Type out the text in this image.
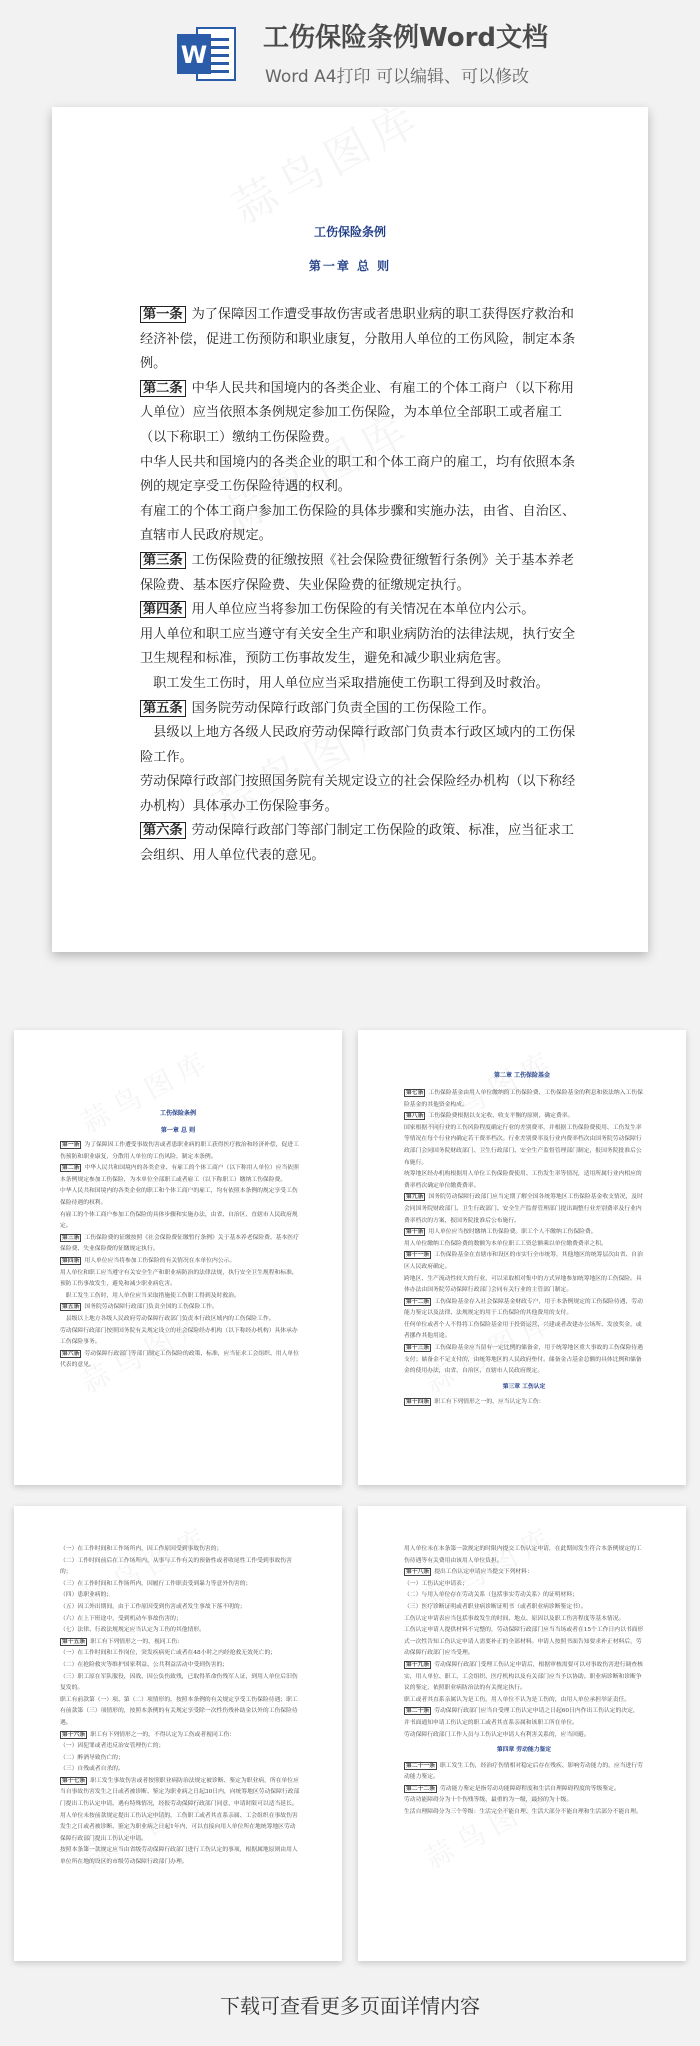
W
工伤保险条例Word文档
Word A4打印 可以编辑、可以修改
工伤保险条例
第一章 总 则

第一条 为了保障因工作遭受事故伤害或者患职业病的职工获得医疗救治和经济补偿，促进工伤预防和职业康复，分散用人单位的工伤风险，制定本条例。

第二条 中华人民共和国境内的各类企业、有雇工的个体工商户（以下称用人单位）应当依照本条例规定参加工伤保险，为本单位全部职工或者雇工（以下称职工）缴纳工伤保险费。

中华人民共和国境内的各类企业的职工和个体工商户的雇工，均有依照本条例的规定享受工伤保险待遇的权利。

有雇工的个体工商户参加工伤保险的具体步骤和实施办法，由省、自治区、直辖市人民政府规定。

第三条 工伤保险费的征缴按照《社会保险费征缴暂行条例》关于基本养老保险费、基本医疗保险费、失业保险费的征缴规定执行。

第四条 用人单位应当将参加工伤保险的有关情况在本单位内公示。

用人单位和职工应当遵守有关安全生产和职业病防治的法律法规，执行安全卫生规程和标准，预防工伤事故发生，避免和减少职业病危害。

　职工发生工伤时，用人单位应当采取措施使工伤职工得到及时救治。

第五条 国务院劳动保障行政部门负责全国的工伤保险工作。

　县级以上地方各级人民政府劳动保障行政部门负责本行政区域内的工伤保险工作。

劳动保障行政部门按照国务院有关规定设立的社会保险经办机构（以下称经办机构）具体承办工伤保险事务。

第六条 劳动保障行政部门等部门制定工伤保险的政策、标准，应当征求工会组织、用人单位代表的意见。

工伤保险条例
第一章 总 则

第一条 为了保障因工作遭受事故伤害或者患职业病的职工获得医疗救治和经济补偿，促进工伤预防和职业康复，分散用人单位的工伤风险，制定本条例。

第二条 中华人民共和国境内的各类企业、有雇工的个体工商户（以下称用人单位）应当依照本条例规定参加工伤保险，为本单位全部职工或者雇工（以下称职工）缴纳工伤保险费。

中华人民共和国境内的各类企业的职工和个体工商户的雇工，均有依照本条例的规定享受工伤保险待遇的权利。

有雇工的个体工商户参加工伤保险的具体步骤和实施办法，由省、自治区、直辖市人民政府规定。

第三条 工伤保险费的征缴按照《社会保险费征缴暂行条例》关于基本养老保险费、基本医疗保险费、失业保险费的征缴规定执行。

第四条 用人单位应当将参加工伤保险的有关情况在本单位内公示。

用人单位和职工应当遵守有关安全生产和职业病防治的法律法规，执行安全卫生规程和标准，预防工伤事故发生，避免和减少职业病危害。

　职工发生工伤时，用人单位应当采取措施使工伤职工得到及时救治。

第五条 国务院劳动保障行政部门负责全国的工伤保险工作。

　县级以上地方各级人民政府劳动保障行政部门负责本行政区域内的工伤保险工作。

劳动保障行政部门按照国务院有关规定设立的社会保险经办机构（以下称经办机构）具体承办工伤保险事务。

第六条 劳动保障行政部门等部门制定工伤保险的政策、标准，应当征求工会组织、用人单位代表的意见。

第二章 工伤保险基金

第七条 工伤保险基金由用人单位缴纳的工伤保险费、工伤保险基金的利息和依法纳入工伤保险基金的其他资金构成。

第八条 工伤保险费根据以支定收、收支平衡的原则，确定费率。

国家根据不同行业的工伤风险程度确定行业的差别费率，并根据工伤保险费使用、工伤发生率等情况在每个行业内确定若干费率档次。行业差别费率及行业内费率档次由国务院劳动保障行政部门会同国务院财政部门、卫生行政部门、安全生产监督管理部门制定，报国务院批准后公布施行。

统筹地区经办机构根据用人单位工伤保险费使用、工伤发生率等情况，适用所属行业内相应的费率档次确定单位缴费费率。

第九条 国务院劳动保障行政部门应当定期了解全国各统筹地区工伤保险基金收支情况，及时会同国务院财政部门、卫生行政部门、安全生产监督管理部门提出调整行业差别费率及行业内费率档次的方案，报国务院批准后公布施行。

第十条 用人单位应当按时缴纳工伤保险费。职工个人不缴纳工伤保险费。

用人单位缴纳工伤保险费的数额为本单位职工工资总额乘以单位缴费费率之积。

第十一条 工伤保险基金在直辖市和设区的市实行全市统筹，其他地区的统筹层次由省、自治区人民政府确定。

跨地区、生产流动性较大的行业，可以采取相对集中的方式异地参加统筹地区的工伤保险。具体办法由国务院劳动保障行政部门会同有关行业的主管部门制定。

第十二条 工伤保险基金存入社会保障基金财政专户，用于本条例规定的工伤保险待遇，劳动能力鉴定以及法律、法规规定的用于工伤保险的其他费用的支付。

任何单位或者个人不得将工伤保险基金用于投资运营、兴建或者改建办公场所、发放奖金，或者挪作其他用途。

第十三条 工伤保险基金应当留有一定比例的储备金，用于统筹地区重大事故的工伤保险待遇支付；储备金不足支付的，由统筹地区的人民政府垫付。储备金占基金总额的具体比例和储备金的使用办法，由省、自治区、直辖市人民政府规定。

第三章 工伤认定

第十四条 职工有下列情形之一的，应当认定为工伤：

（一）在工作时间和工作场所内，因工作原因受到事故伤害的；

（二）工作时间前后在工作场所内，从事与工作有关的预备性或者收尾性工作受到事故伤害的；

（三）在工作时间和工作场所内，因履行工作职责受到暴力等意外伤害的；

（四）患职业病的；

（五）因工外出期间，由于工作原因受到伤害或者发生事故下落不明的；

（六）在上下班途中，受到机动车事故伤害的；

（七）法律、行政法规规定应当认定为工伤的其他情形。

第十五条 职工有下列情形之一的，视同工伤：

（一）在工作时间和工作岗位，突发疾病死亡或者在48小时之内经抢救无效死亡的；

（二）在抢险救灾等维护国家利益、公共利益活动中受到伤害的；

（三）职工原在军队服役，因战、因公负伤致残，已取得革命伤残军人证，到用人单位后旧伤复发的。

职工有前款第（一）项、第（二）项情形的，按照本条例的有关规定享受工伤保险待遇；职工有前款第（三）项情形的，按照本条例的有关规定享受除一次性伤残补助金以外的工伤保险待遇。

第十六条 职工有下列情形之一的，不得认定为工伤或者视同工伤：

（一）因犯罪或者违反治安管理伤亡的；

（二）醉酒导致伤亡的；

（三）自残或者自杀的。

第十七条 职工发生事故伤害或者按照职业病防治法规定被诊断、鉴定为职业病，所在单位应当自事故伤害发生之日或者被诊断、鉴定为职业病之日起30日内，向统筹地区劳动保障行政部门提出工伤认定申请。遇有特殊情况，经报劳动保障行政部门同意，申请时限可以适当延长。

用人单位未按前款规定提出工伤认定申请的，工伤职工或者其直系亲属、工会组织在事故伤害发生之日或者被诊断、鉴定为职业病之日起1年内，可以直接向用人单位所在地统筹地区劳动保障行政部门提出工伤认定申请。

按照本条第一款规定应当由省级劳动保障行政部门进行工伤认定的事项，根据属地原则由用人单位所在地的设区的市级劳动保障行政部门办理。

用人单位未在本条第一款规定的时限内提交工伤认定申请，在此期间发生符合本条例规定的工伤待遇等有关费用由该用人单位负担。

第十八条 提出工伤认定申请应当提交下列材料：

（一）工伤认定申请表；

（二）与用人单位存在劳动关系（包括事实劳动关系）的证明材料；

（三）医疗诊断证明或者职业病诊断证明书（或者职业病诊断鉴定书）。

工伤认定申请表应当包括事故发生的时间、地点、原因以及职工伤害程度等基本情况。

工伤认定申请人提供材料不完整的，劳动保障行政部门应当当场或者在15个工作日内以书面形式一次性告知工伤认定申请人需要补正的全部材料。申请人按照书面告知要求补正材料后，劳动保障行政部门应当受理。

第十九条 劳动保障行政部门受理工伤认定申请后，根据审核需要可以对事故伤害进行调查核实，用人单位、职工、工会组织、医疗机构以及有关部门应当予以协助。职业病诊断和诊断争议的鉴定，依照职业病防治法的有关规定执行。

职工或者其直系亲属认为是工伤，用人单位不认为是工伤的，由用人单位承担举证责任。

第二十条 劳动保障行政部门应当自受理工伤认定申请之日起60日内作出工伤认定的决定，并书面通知申请工伤认定的职工或者其直系亲属和该职工所在单位。

劳动保障行政部门工作人员与工伤认定申请人有利害关系的，应当回避。

第四章 劳动能力鉴定

第二十一条 职工发生工伤，经治疗伤情相对稳定后存在残疾、影响劳动能力的，应当进行劳动能力鉴定。

第二十二条 劳动能力鉴定是指劳动功能障碍程度和生活自理障碍程度的等级鉴定。

劳动功能障碍分为十个伤残等级，最重的为一级，最轻的为十级。

生活自理障碍分为三个等级：生活完全不能自理、生活大部分不能自理和生活部分不能自理。

下载可查看更多页面详情内容
